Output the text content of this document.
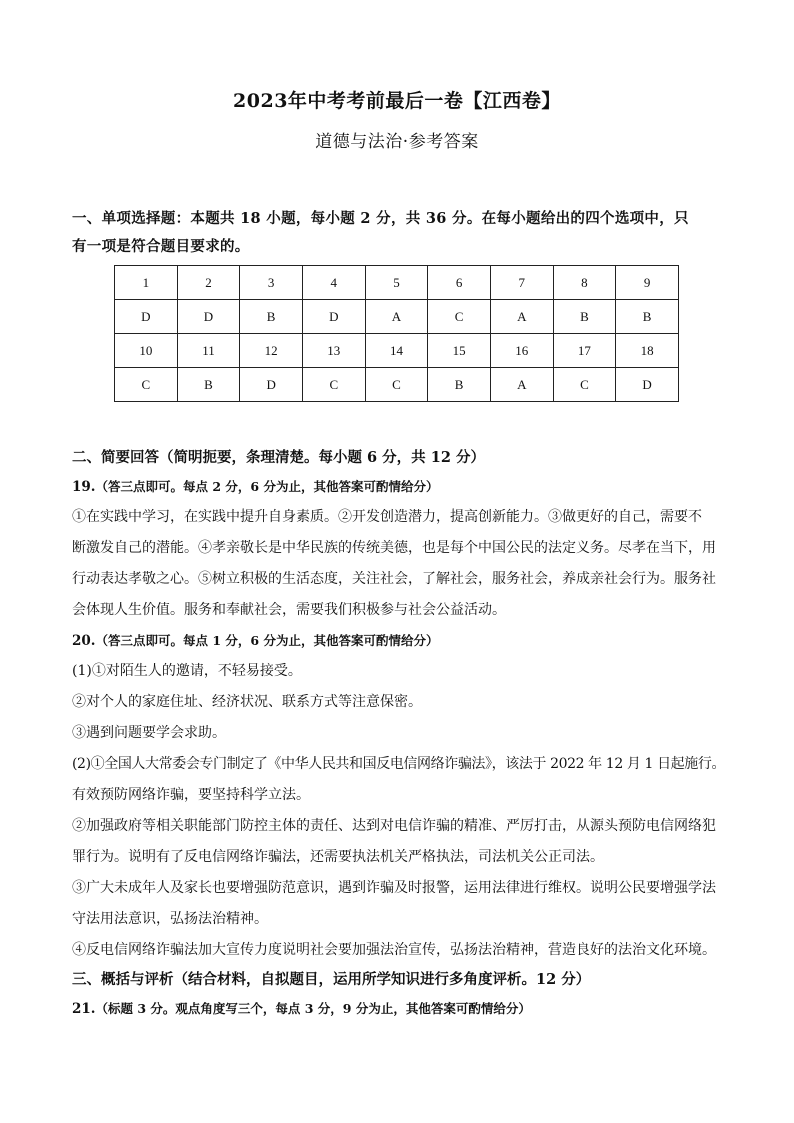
2023年中考考前最后一卷【江西卷】
道德与法治·参考答案
一、单项选择题：本题共 18 小题，每小题 2 分，共 36 分。在每小题给出的四个选项中，只
有一项是符合题目要求的。
1	2	3	4	5	6	7	8	9
D	D	B	D	A	C	A	B	B
10	11	12	13	14	15	16	17	18
C	B	D	C	C	B	A	C	D
二、简要回答（简明扼要，条理清楚。每小题 6 分，共 12 分）
19.（答三点即可。每点 2 分，6 分为止，其他答案可酌情给分）
①在实践中学习，在实践中提升自身素质。②开发创造潜力，提高创新能力。③做更好的自己，需要不
断激发自己的潜能。④孝亲敬长是中华民族的传统美德，也是每个中国公民的法定义务。尽孝在当下，用
行动表达孝敬之心。⑤树立积极的生活态度，关注社会，了解社会，服务社会，养成亲社会行为。服务社
会体现人生价值。服务和奉献社会，需要我们积极参与社会公益活动。
20.（答三点即可。每点 1 分，6 分为止，其他答案可酌情给分）
(1)①对陌生人的邀请，不轻易接受。
②对个人的家庭住址、经济状况、联系方式等注意保密。
③遇到问题要学会求助。
(2)①全国人大常委会专门制定了《中华人民共和国反电信网络诈骗法》，该法于 2022 年 12 月 1 日起施行。
有效预防网络诈骗，要坚持科学立法。
②加强政府等相关职能部门防控主体的责任、达到对电信诈骗的精准、严厉打击，从源头预防电信网络犯
罪行为。说明有了反电信网络诈骗法，还需要执法机关严格执法，司法机关公正司法。
③广大未成年人及家长也要增强防范意识，遇到诈骗及时报警，运用法律进行维权。说明公民要增强学法
守法用法意识，弘扬法治精神。
④反电信网络诈骗法加大宣传力度说明社会要加强法治宣传，弘扬法治精神，营造良好的法治文化环境。
三、概括与评析（结合材料，自拟题目，运用所学知识进行多角度评析。12 分）
21.（标题 3 分。观点角度写三个，每点 3 分，9 分为止，其他答案可酌情给分）
